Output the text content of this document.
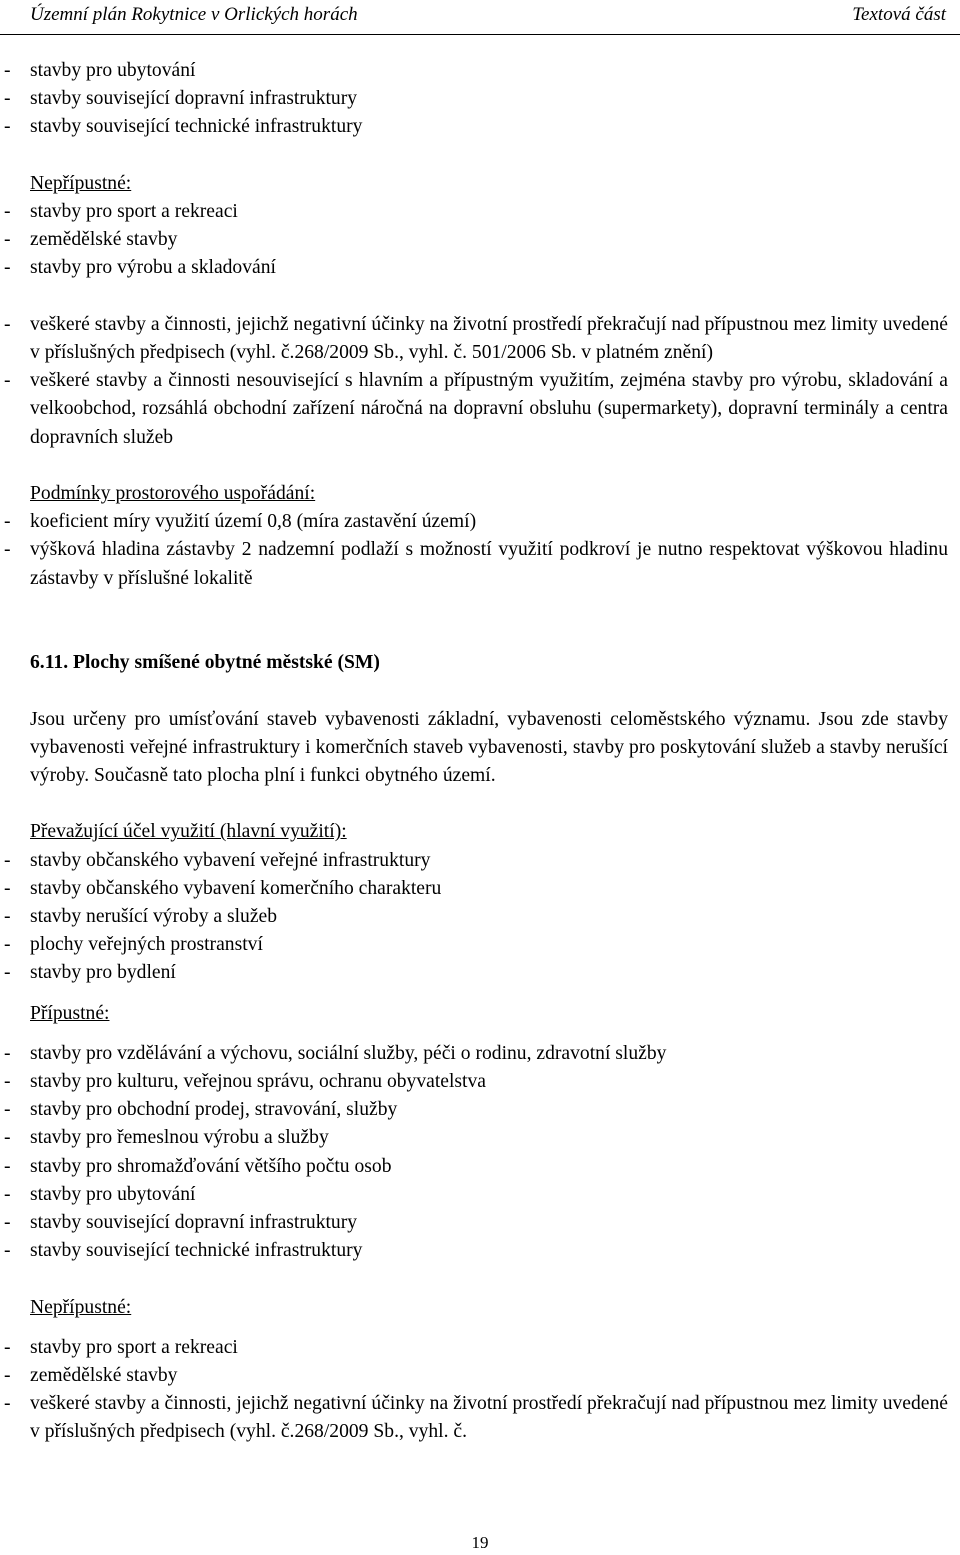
Územní plán Rokytnice v Orlických horách	Textová část
- stavby pro ubytování
- stavby související dopravní infrastruktury
- stavby související technické infrastruktury
Nepřípustné:
- stavby pro sport a rekreaci
- zemědělské stavby
- stavby pro výrobu a skladování
- veškeré stavby a činnosti, jejichž negativní účinky na životní prostředí překračují nad přípustnou mez limity uvedené v příslušných předpisech (vyhl. č.268/2009 Sb., vyhl. č. 501/2006 Sb. v platném znění)
- veškeré stavby a činnosti nesouvisející s hlavním a přípustným využitím, zejména stavby pro výrobu, skladování a velkoobchod, rozsáhlá obchodní zařízení náročná na dopravní obsluhu (supermarkety), dopravní terminály a centra dopravních služeb
Podmínky prostorového uspořádání:
- koeficient míry využití území 0,8 (míra zastavění území)
- výšková hladina zástavby 2 nadzemní podlaží s možností využití podkroví je nutno respektovat výškovou hladinu zástavby v příslušné lokalitě
6.11. Plochy smíšené obytné městské (SM)
Jsou určeny pro umísťování staveb vybavenosti základní, vybavenosti celoměstského významu. Jsou zde stavby vybavenosti veřejné infrastruktury i komerčních staveb vybavenosti, stavby pro poskytování služeb a stavby nerušící výroby. Současně tato plocha plní i funkci obytného území.
Převažující účel využití (hlavní využití):
- stavby občanského vybavení veřejné infrastruktury
- stavby občanského vybavení komerčního charakteru
- stavby nerušící výroby a služeb
- plochy veřejných prostranství
- stavby pro bydlení
Přípustné:
- stavby pro vzdělávání a výchovu, sociální služby, péči o rodinu, zdravotní služby
- stavby pro kulturu, veřejnou správu, ochranu obyvatelstva
- stavby pro obchodní prodej, stravování, služby
- stavby pro řemeslnou výrobu a služby
- stavby pro shromažďování většího počtu osob
- stavby pro ubytování
- stavby související dopravní infrastruktury
- stavby související technické infrastruktury
Nepřípustné:
- stavby pro sport a rekreaci
- zemědělské stavby
- veškeré stavby a činnosti, jejichž negativní účinky na životní prostředí překračují nad přípustnou mez limity uvedené v příslušných předpisech (vyhl. č.268/2009 Sb., vyhl. č.
19
